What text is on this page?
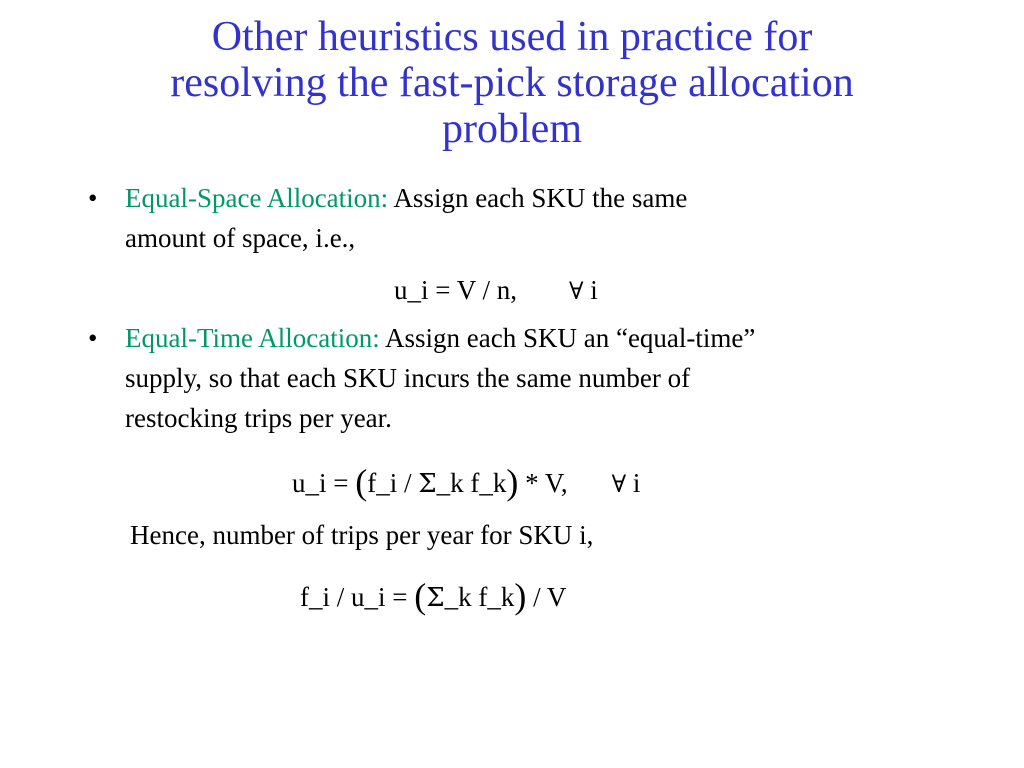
Other heuristics used in practice for
resolving the fast-pick storage allocation
problem
• Equal-Space Allocation: Assign each SKU the same
amount of space, i.e.,
u_i = V / n, ∀ i
• Equal-Time Allocation: Assign each SKU an “equal-time”
supply, so that each SKU incurs the same number of
restocking trips per year.
u_i = (f_i / Σ_k f_k) * V, ∀ i
Hence, number of trips per year for SKU i,
f_i / u_i = (Σ_k f_k) / V
